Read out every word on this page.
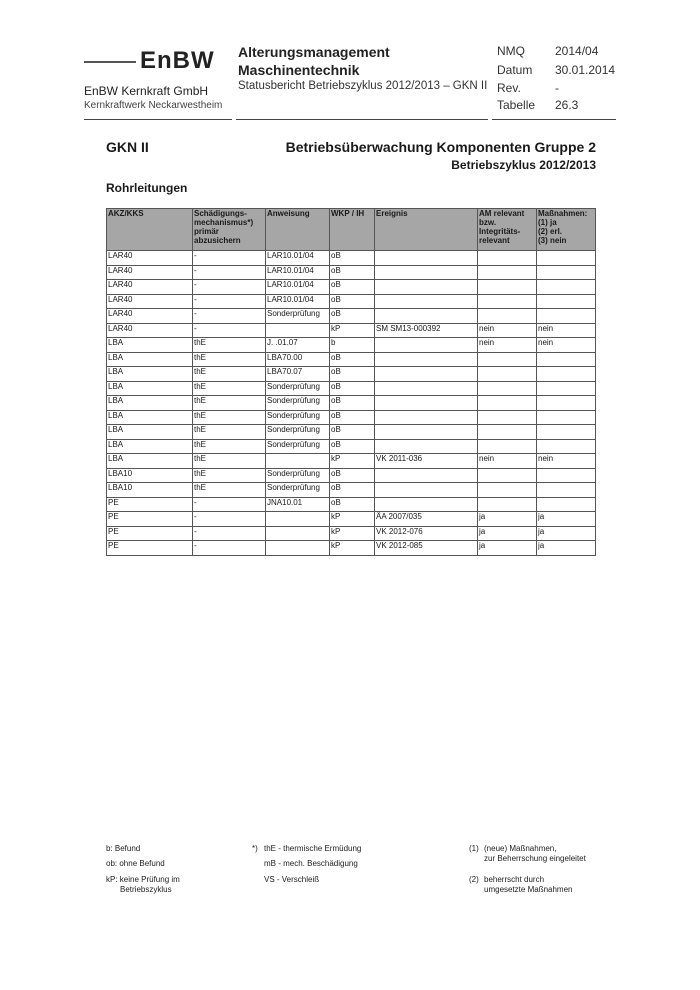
EnBW
EnBW Kernkraft GmbH
Kernkraftwerk Neckarwestheim
Alterungsmanagement
Maschinentechnik
Statusbericht Betriebszyklus 2012/2013 – GKN II
NMQ	2014/04
Datum 30.01.2014
Rev.	-
Tabelle 26.3
GKN II	Betriebsüberwachung Komponenten Gruppe 2
Betriebszyklus 2012/2013
Rohrleitungen
AKZ/KKS	Schädigungs-
mechanismus*)
primär
abzusichern	Anweisung	WKP / IH	Ereignis	AM relevant
bzw.
Integritäts-
relevant	Maßnahmen:
(1) ja
(2) erl.
(3) nein
LAR40	-	LAR10.01/04	oB			
LAR40	-	LAR10.01/04	oB			
LAR40	-	LAR10.01/04	oB			
LAR40	-	LAR10.01/04	oB			
LAR40	-	Sonderprüfung	oB			
LAR40	-		kP	SM SM13-000392	nein	nein
LBA	thE	J. .01.07	b		nein	nein
LBA	thE	LBA70.00	oB			
LBA	thE	LBA70.07	oB			
LBA	thE	Sonderprüfung	oB			
LBA	thE	Sonderprüfung	oB			
LBA	thE	Sonderprüfung	oB			
LBA	thE	Sonderprüfung	oB			
LBA	thE	Sonderprüfung	oB			
LBA	thE		kP	VK 2011-036	nein	nein
LBA10	thE	Sonderprüfung	oB			
LBA10	thE	Sonderprüfung	oB			
PE	-	JNA10.01	oB			
PE	-		kP	ÄA 2007/035	ja	ja
PE	-		kP	VK 2012-076	ja	ja
PE	-		kP	VK 2012-085	ja	ja
b: Befund
ob: ohne Befund
kP: keine Prüfung im
Betriebszyklus
*) thE - thermische Ermüdung
mB - mech. Beschädigung
VS - Verschleiß
(1) (neue) Maßnahmen,
zur Beherrschung eingeleitet
(2) beherrscht durch
umgesetzte Maßnahmen
